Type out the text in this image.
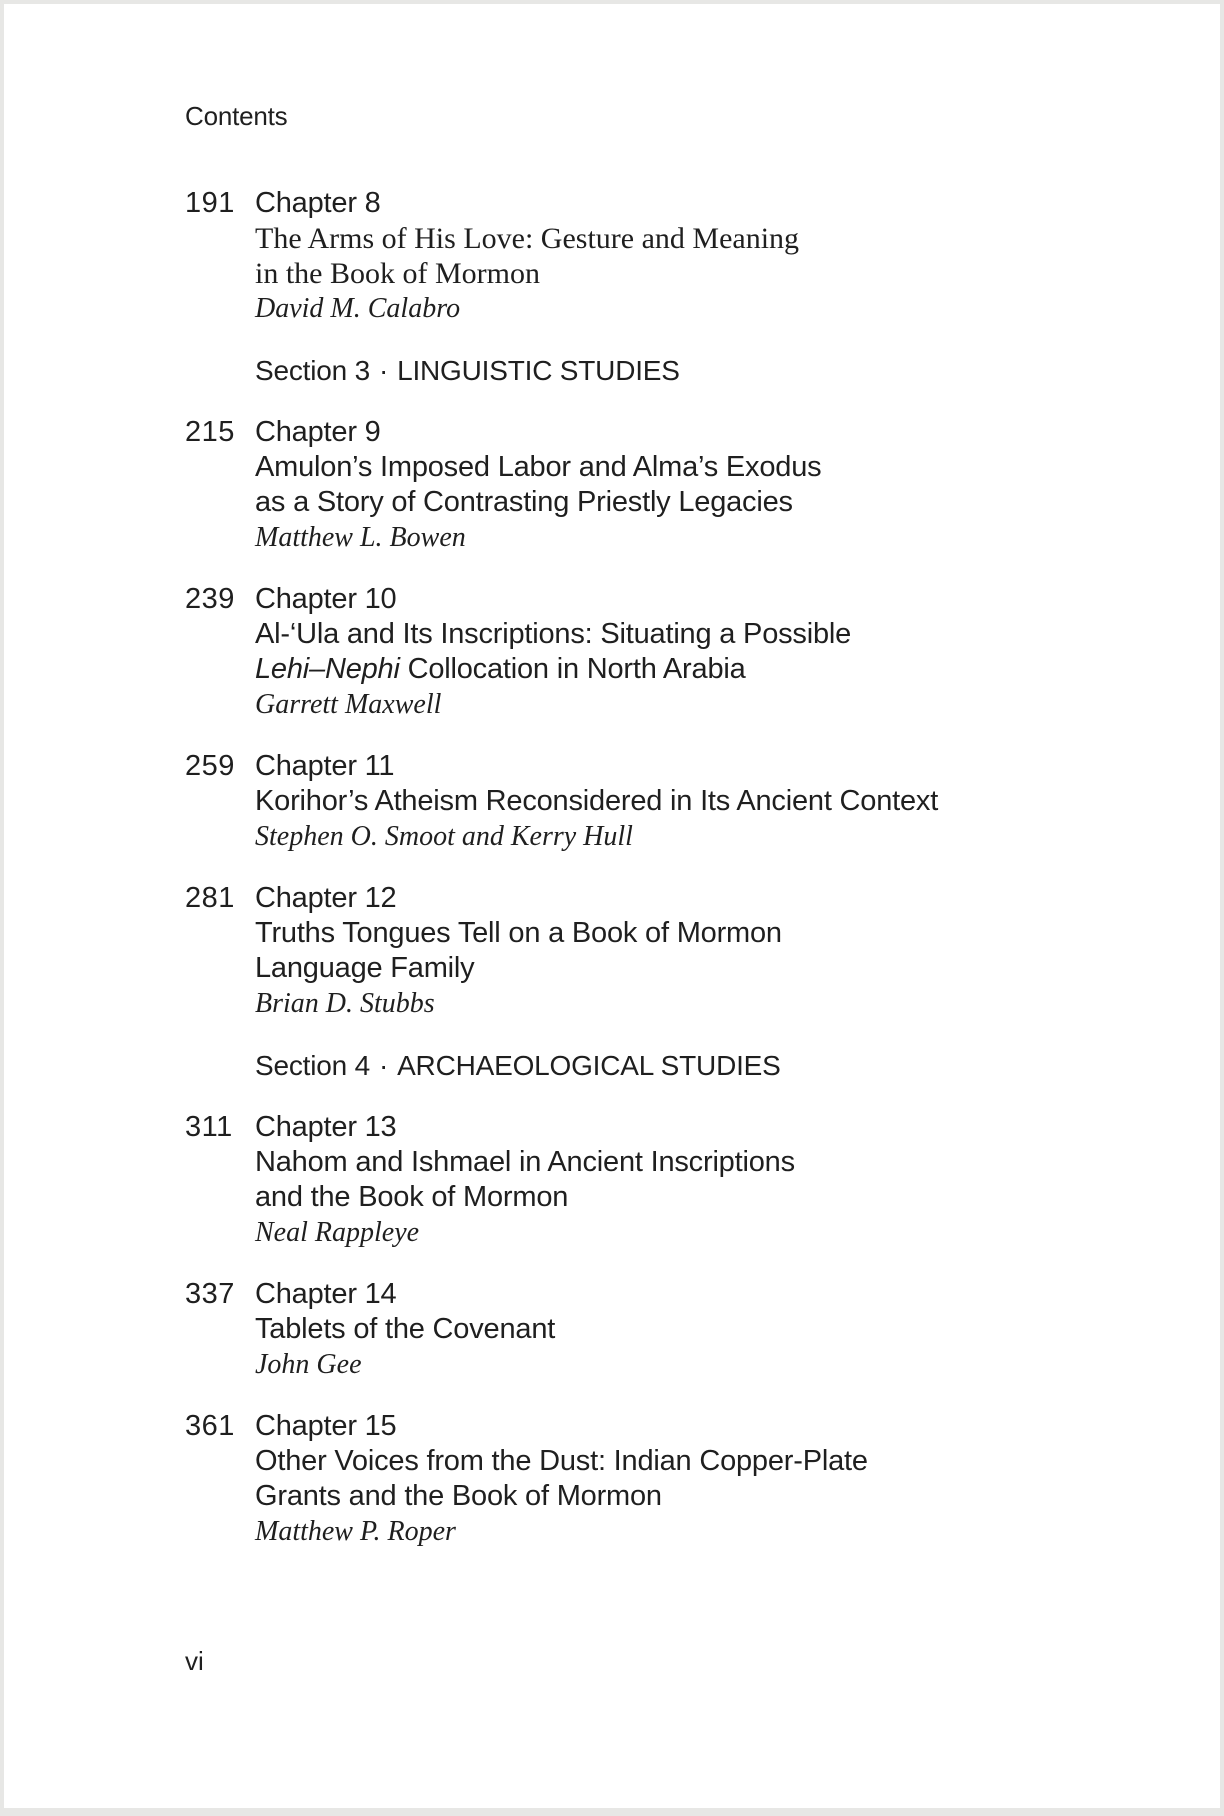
Contents
191 Chapter 8
The Arms of His Love: Gesture and Meaning
in the Book of Mormon
David M. Calabro
Section 3 · LINGUISTIC STUDIES
215 Chapter 9
Amulon’s Imposed Labor and Alma’s Exodus
as a Story of Contrasting Priestly Legacies
Matthew L. Bowen
239 Chapter 10
Al-‘Ula and Its Inscriptions: Situating a Possible
Lehi–Nephi Collocation in North Arabia
Garrett Maxwell
259 Chapter 11
Korihor’s Atheism Reconsidered in Its Ancient Context
Stephen O. Smoot and Kerry Hull
281 Chapter 12
Truths Tongues Tell on a Book of Mormon
Language Family
Brian D. Stubbs
Section 4 · ARCHAEOLOGICAL STUDIES
311 Chapter 13
Nahom and Ishmael in Ancient Inscriptions
and the Book of Mormon
Neal Rappleye
337 Chapter 14
Tablets of the Covenant
John Gee
361 Chapter 15
Other Voices from the Dust: Indian Copper-Plate
Grants and the Book of Mormon
Matthew P. Roper
vi
